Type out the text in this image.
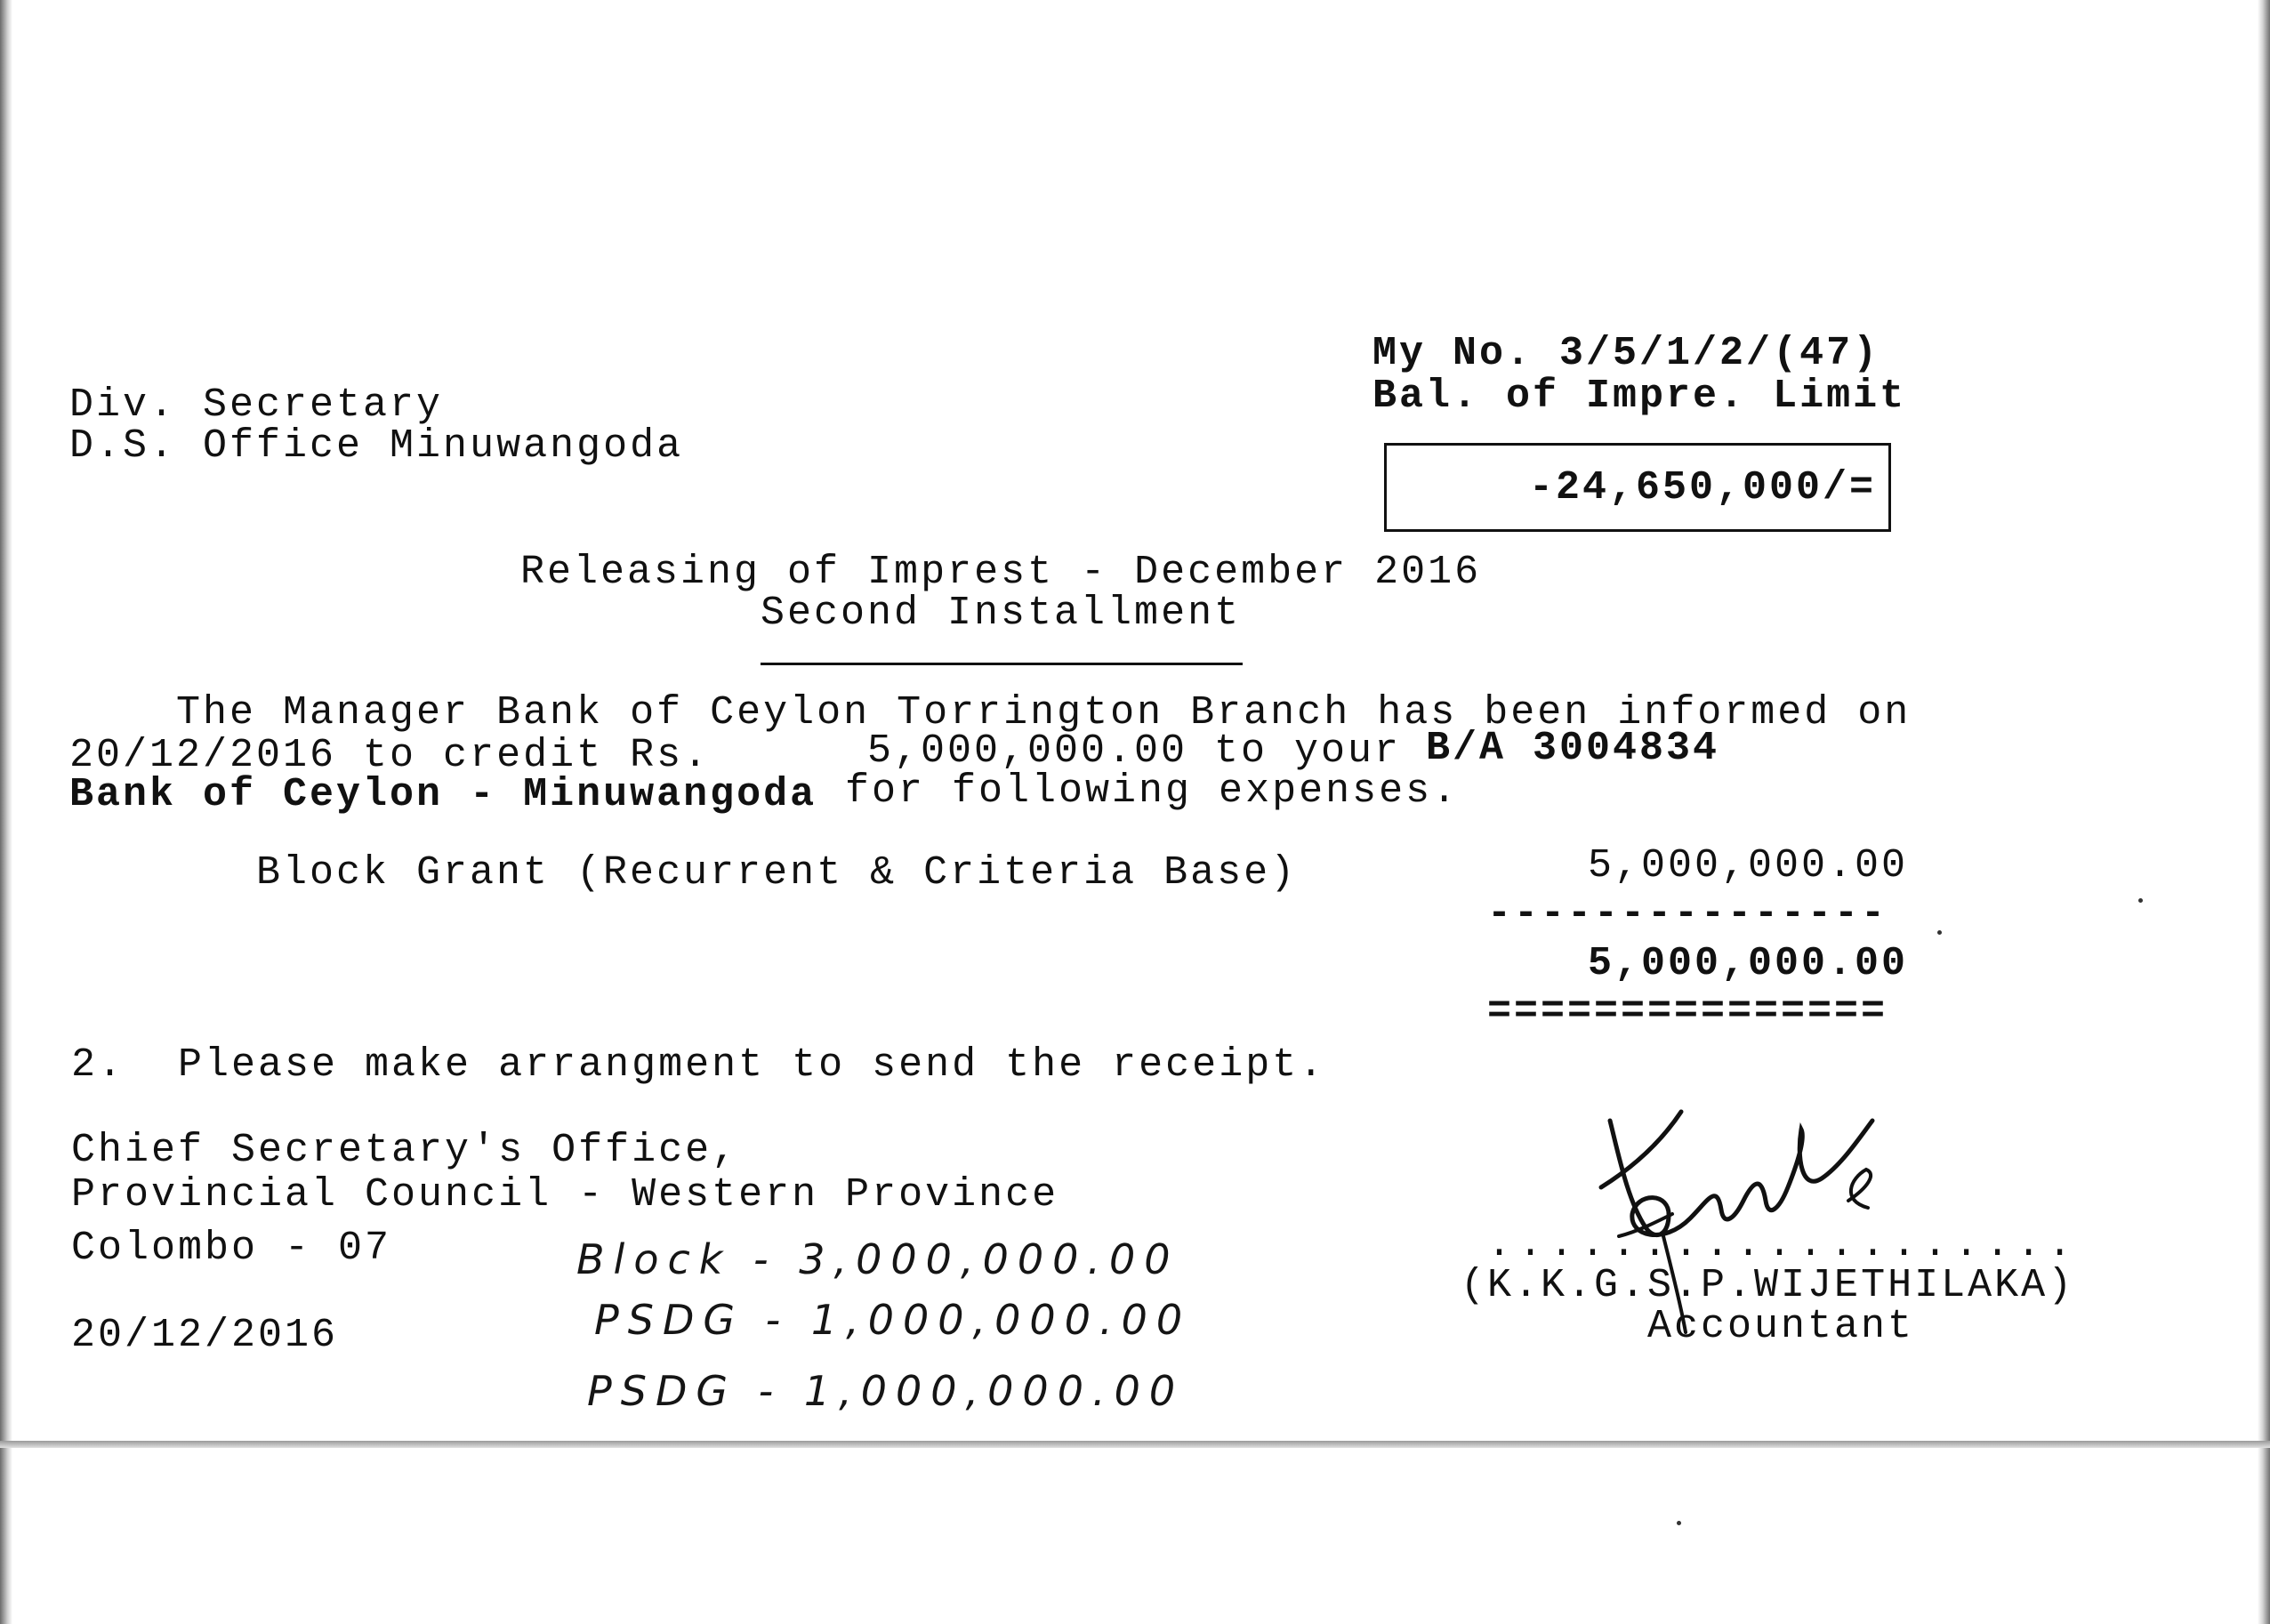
My No. 3/5/1/2/(47)
Bal. of Impre. Limit
-24,650,000/=
Div. Secretary
D.S. Office Minuwangoda
Releasing of Imprest - December 2016
Second Installment
The Manager Bank of Ceylon Torrington Branch has been informed on
20/12/2016 to credit Rs.	5,000,000.00 to your B/A 3004834
Bank of Ceylon - Minuwangoda for following expenses.
Block Grant (Recurrent & Criteria Base)	5,000,000.00
---------------
5,000,000.00
===============
2.  Please make arrangment to send the receipt.
Chief Secretary's Office,
Provincial Council - Western Province
Colombo - 07
20/12/2016
Block - 3,000,000.00
PSDG - 1,000,000.00
PSDG - 1,000,000.00
...................
(K.K.G.S.P.WIJETHILAKA)
Accountant
